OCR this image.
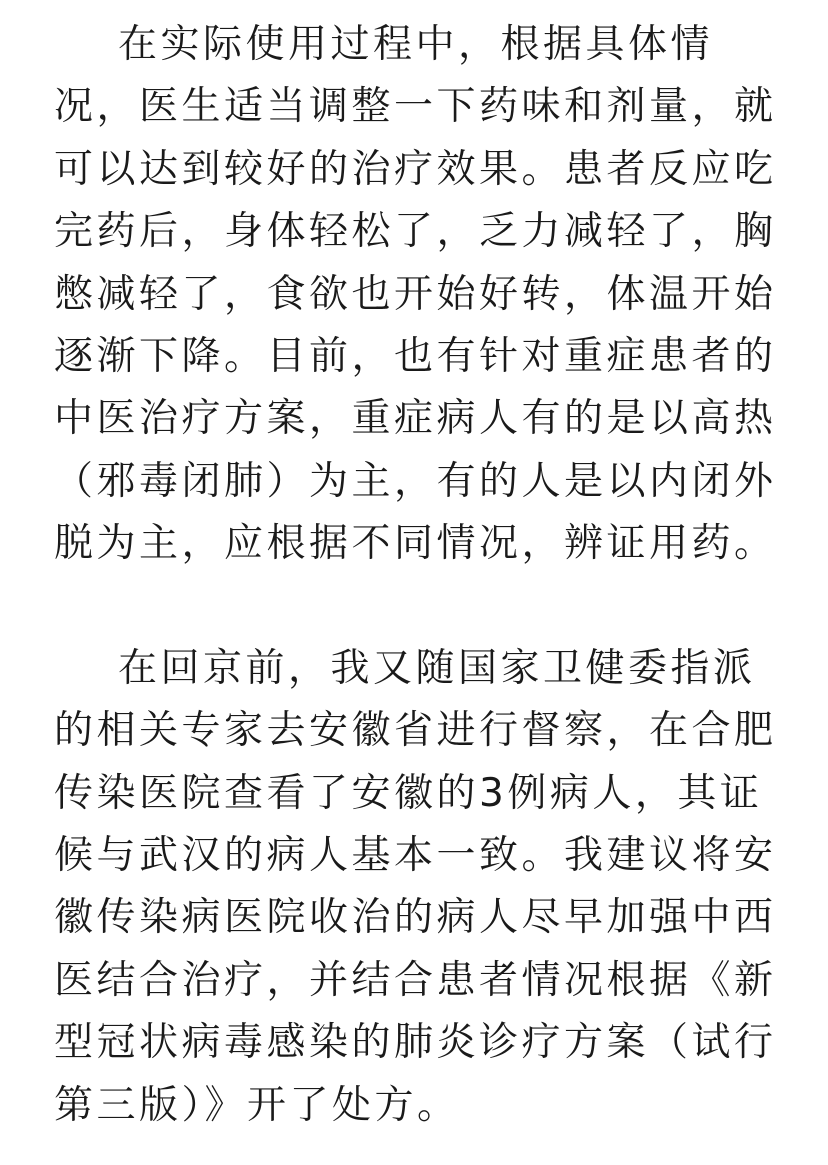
在实际使用过程中，根据具体情
况，医生适当调整一下药味和剂量，就
可以达到较好的治疗效果。患者反应吃
完药后，身体轻松了，乏力减轻了，胸
憋减轻了，食欲也开始好转，体温开始
逐渐下降。目前，也有针对重症患者的
中医治疗方案，重症病人有的是以高热
（邪毒闭肺）为主，有的人是以内闭外
脱为主，应根据不同情况，辨证用药。
在回京前，我又随国家卫健委指派
的相关专家去安徽省进行督察，在合肥
传染医院查看了安徽的3例病人，其证
候与武汉的病人基本一致。我建议将安
徽传染病医院收治的病人尽早加强中西
医结合治疗，并结合患者情况根据《新
型冠状病毒感染的肺炎诊疗方案（试行
第三版）》开了处方。
